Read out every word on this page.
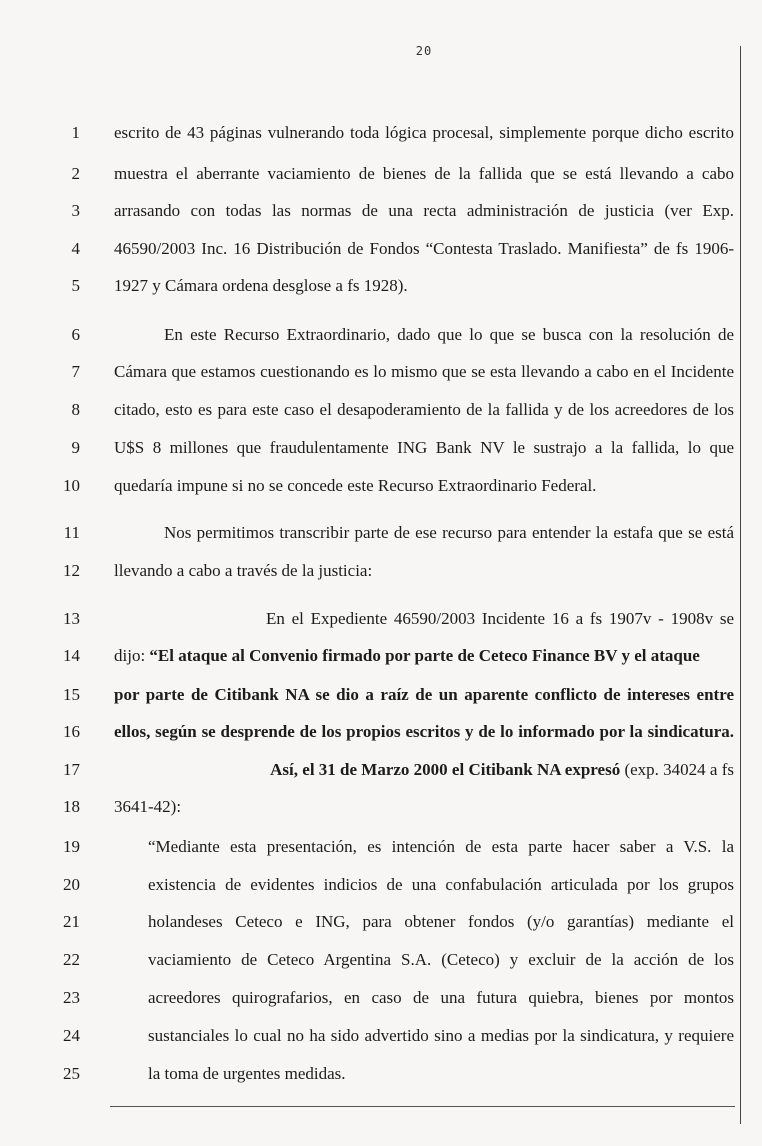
20
1 escrito de 43 páginas vulnerando toda lógica procesal, simplemente porque dicho escrito
2 muestra el aberrante vaciamiento de bienes de la fallida que se está llevando a cabo
3 arrasando con todas las normas de una recta administración de justicia (ver Exp.
4 46590/2003 Inc. 16 Distribución de Fondos “Contesta Traslado. Manifiesta” de fs 1906-
5 1927 y Cámara ordena desglose a fs 1928).
6	En este Recurso Extraordinario, dado que lo que se busca con la resolución de
7 Cámara que estamos cuestionando es lo mismo que se esta llevando a cabo en el Incidente
8 citado, esto es para este caso el desapoderamiento de la fallida y de los acreedores de los
9 U$S 8 millones que fraudulentamente ING Bank NV le sustrajo a la fallida, lo que
10 quedaría impune si no se concede este Recurso Extraordinario Federal.
11	Nos permitimos transcribir parte de ese recurso para entender la estafa que se está
12 llevando a cabo a través de la justicia:
13	En el Expediente 46590/2003 Incidente 16 a fs 1907v - 1908v se
14 dijo: “El ataque al Convenio firmado por parte de Ceteco Finance BV y el ataque
15 por parte de Citibank NA se dio a raíz de un aparente conflicto de intereses entre
16 ellos, según se desprende de los propios escritos y de lo informado por la sindicatura.
17	Así, el 31 de Marzo 2000 el Citibank NA expresó (exp. 34024 a fs
18 3641-42):
19	“Mediante esta presentación, es intención de esta parte hacer saber a V.S. la
20	existencia de evidentes indicios de una confabulación articulada por los grupos
21	holandeses Ceteco e ING, para obtener fondos (y/o garantías) mediante el
22	vaciamiento de Ceteco Argentina S.A. (Ceteco) y excluir de la acción de los
23	acreedores quirografarios, en caso de una futura quiebra, bienes por montos
24	sustanciales lo cual no ha sido advertido sino a medias por la sindicatura, y requiere
25	la toma de urgentes medidas.
